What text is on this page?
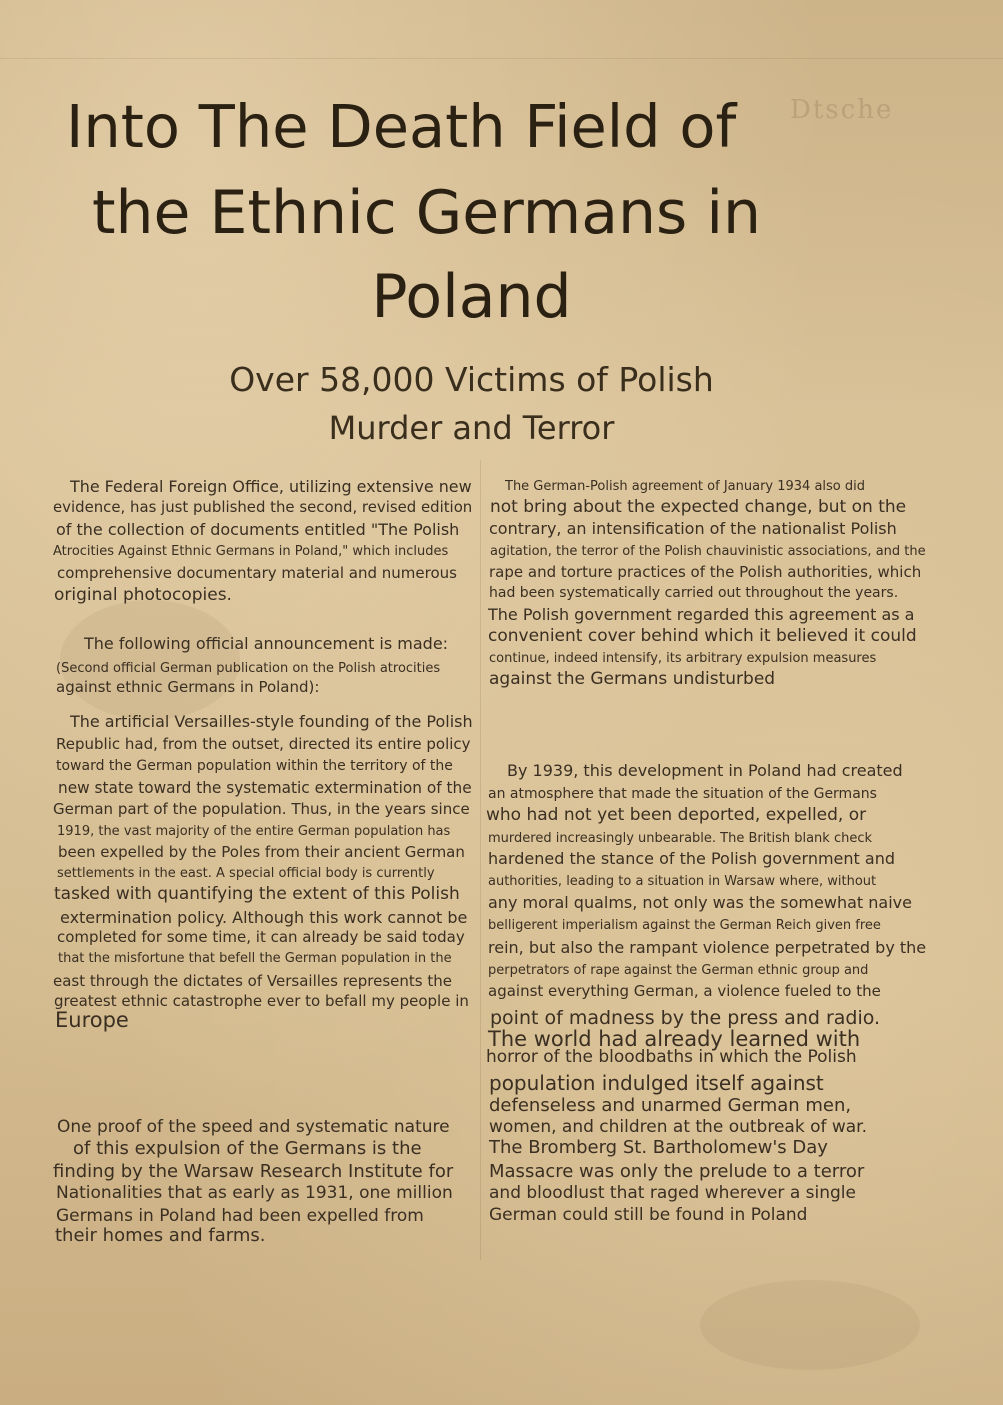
Dtsche
Into The Death Field of
the Ethnic Germans in
Poland
Over 58,000 Victims of Polish
Murder and Terror
The Federal Foreign Office, utilizing extensive new
evidence, has just published the second, revised edition
of the collection of documents entitled "The Polish
Atrocities Against Ethnic Germans in Poland," which includes
comprehensive documentary material and numerous
original photocopies.
The following official announcement is made:
(Second official German publication on the Polish atrocities
against ethnic Germans in Poland):
The artificial Versailles-style founding of the Polish
Republic had, from the outset, directed its entire policy
toward the German population within the territory of the
new state toward the systematic extermination of the
German part of the population. Thus, in the years since
1919, the vast majority of the entire German population has
been expelled by the Poles from their ancient German
settlements in the east. A special official body is currently
tasked with quantifying the extent of this Polish
extermination policy. Although this work cannot be
completed for some time, it can already be said today
that the misfortune that befell the German population in the
east through the dictates of Versailles represents the
greatest ethnic catastrophe ever to befall my people in
Europe
One proof of the speed and systematic nature
of this expulsion of the Germans is the
finding by the Warsaw Research Institute for
Nationalities that as early as 1931, one million
Germans in Poland had been expelled from
their homes and farms.
The German-Polish agreement of January 1934 also did
not bring about the expected change, but on the
contrary, an intensification of the nationalist Polish
agitation, the terror of the Polish chauvinistic associations, and the
rape and torture practices of the Polish authorities, which
had been systematically carried out throughout the years.
The Polish government regarded this agreement as a
convenient cover behind which it believed it could
continue, indeed intensify, its arbitrary expulsion measures
against the Germans undisturbed
By 1939, this development in Poland had created
an atmosphere that made the situation of the Germans
who had not yet been deported, expelled, or
murdered increasingly unbearable. The British blank check
hardened the stance of the Polish government and
authorities, leading to a situation in Warsaw where, without
any moral qualms, not only was the somewhat naive
belligerent imperialism against the German Reich given free
rein, but also the rampant violence perpetrated by the
perpetrators of rape against the German ethnic group and
against everything German, a violence fueled to the
point of madness by the press and radio.
The world had already learned with
horror of the bloodbaths in which the Polish
population indulged itself against
defenseless and unarmed German men,
women, and children at the outbreak of war.
The Bromberg St. Bartholomew's Day
Massacre was only the prelude to a terror
and bloodlust that raged wherever a single
German could still be found in Poland
